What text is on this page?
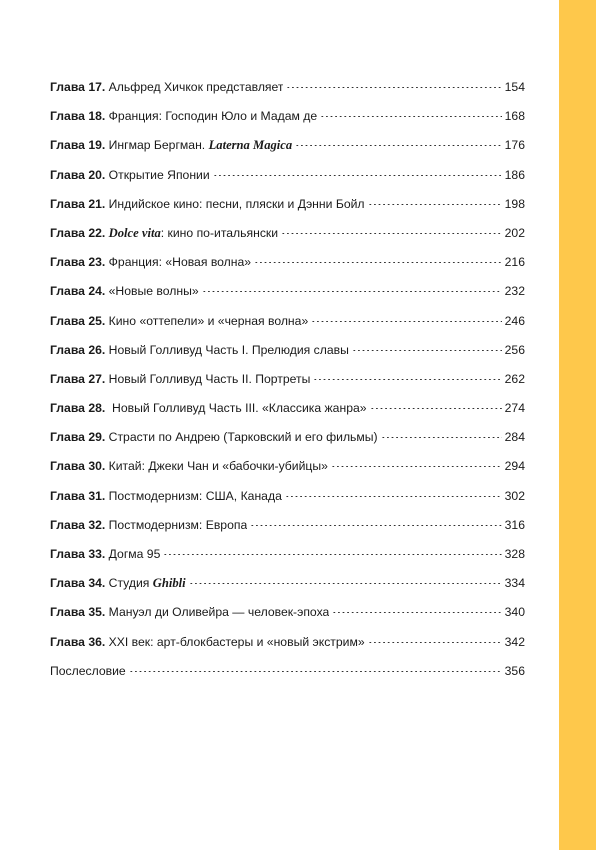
Глава 17. Альфред Хичкок представляет	154
Глава 18. Франция: Господин Юло и Мадам де	168
Глава 19. Ингмар Бергман. Laterna Magica	176
Глава 20. Открытие Японии	186
Глава 21. Индийское кино: песни, пляски и Дэнни Бойл	198
Глава 22. Dolce vita: кино по-итальянски	202
Глава 23. Франция: «Новая волна»	216
Глава 24. «Новые волны»	232
Глава 25. Кино «оттепели» и «черная волна»	246
Глава 26. Новый Голливуд Часть I. Прелюдия славы	256
Глава 27. Новый Голливуд Часть II. Портреты	262
Глава 28.  Новый Голливуд Часть III. «Классика жанра»	274
Глава 29. Страсти по Андрею (Тарковский и его фильмы)	284
Глава 30. Китай: Джеки Чан и «бабочки-убийцы»	294
Глава 31. Постмодернизм: США, Канада	302
Глава 32. Постмодернизм: Европа	316
Глава 33. Догма 95	328
Глава 34. Студия Ghibli	334
Глава 35. Мануэл ди Оливейра — человек-эпоха	340
Глава 36. XXI век: арт-блокбастеры и «новый экстрим»	342
Послесловие	356
